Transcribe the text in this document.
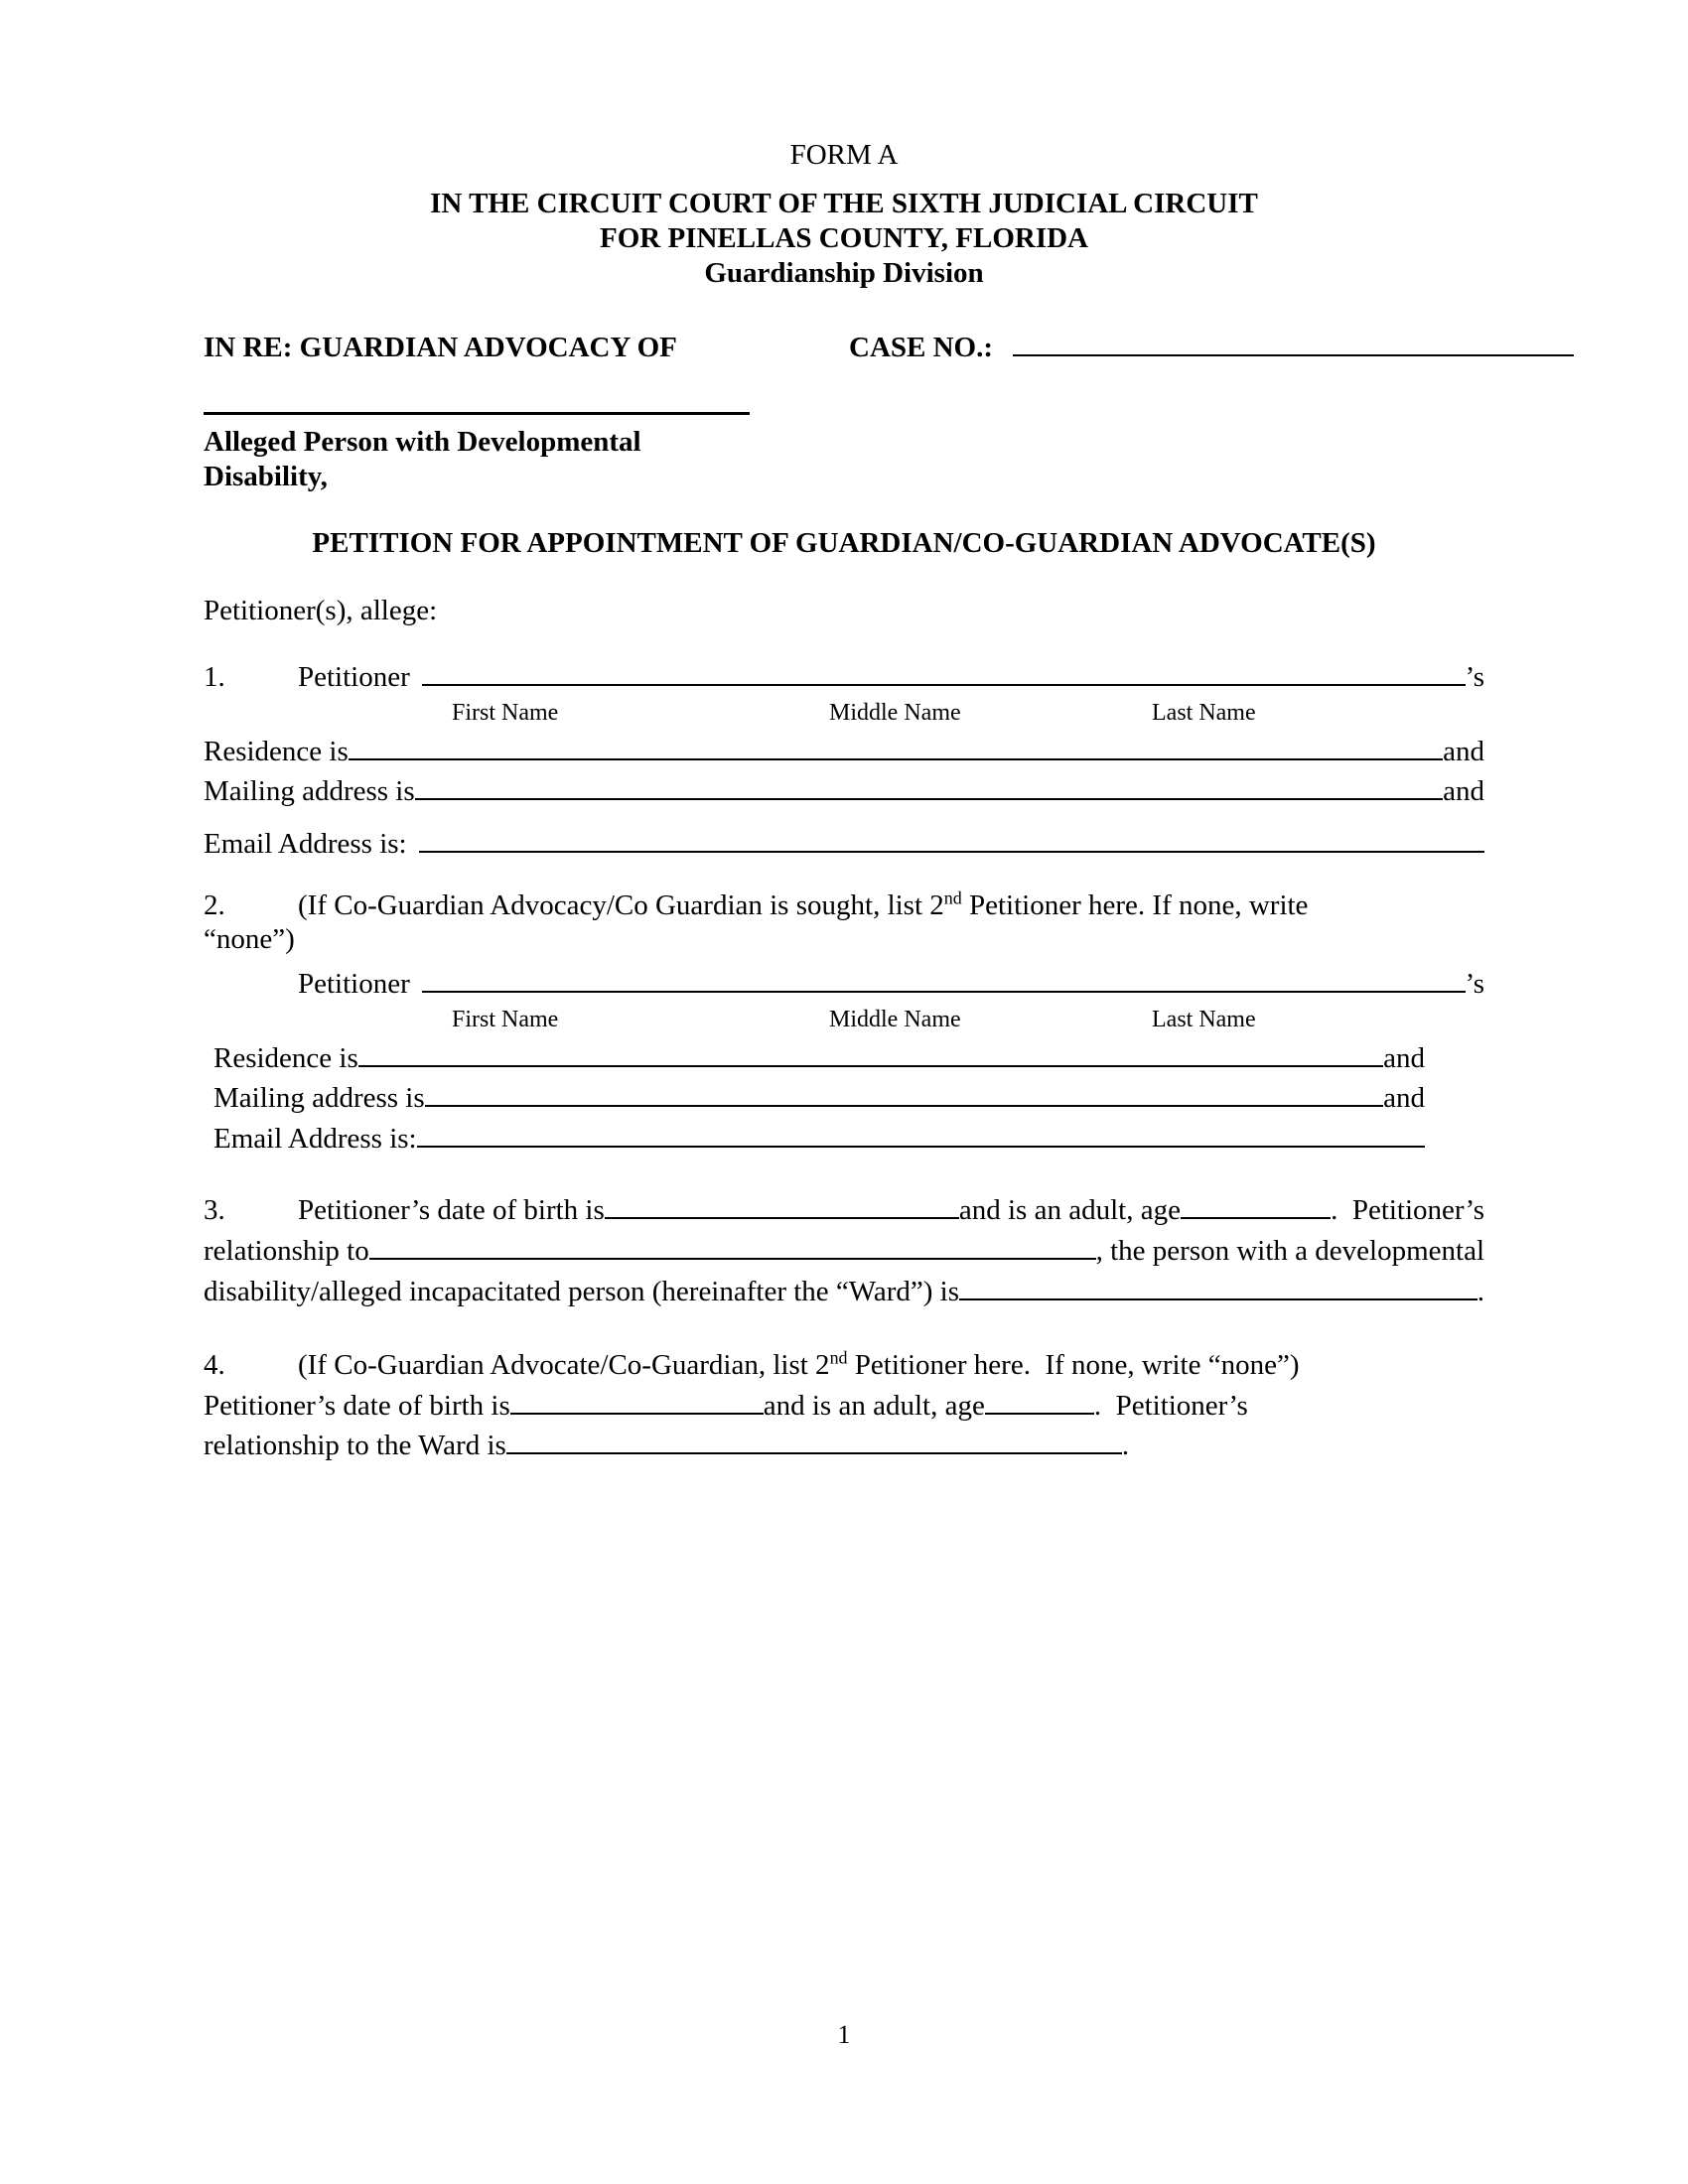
FORM A
IN THE CIRCUIT COURT OF THE SIXTH JUDICIAL CIRCUIT
FOR PINELLAS COUNTY, FLORIDA
Guardianship Division
IN RE: GUARDIAN ADVOCACY OF	CASE NO.:
Alleged Person with Developmental
Disability,
PETITION FOR APPOINTMENT OF GUARDIAN/CO-GUARDIAN ADVOCATE(S)
Petitioner(s), allege:
1.	Petitioner	’s
First Name	Middle Name	Last Name
Residence is	and
Mailing address is	and
Email Address is:
2.	(If Co-Guardian Advocacy/Co Guardian is sought, list 2nd Petitioner here. If none, write
“none”)
Petitioner	’s
First Name	Middle Name	Last Name
Residence is	and
Mailing address is	and
Email Address is:
3.	Petitioner’s date of birth is	and is an adult, age	.  Petitioner’s
relationship to	, the person with a developmental
disability/alleged incapacitated person (hereinafter the “Ward”) is	.
4.	(If Co-Guardian Advocate/Co-Guardian, list 2nd Petitioner here.  If none, write “none”)
Petitioner’s date of birth is	and is an adult, age	.  Petitioner’s
relationship to the Ward is	.
1
